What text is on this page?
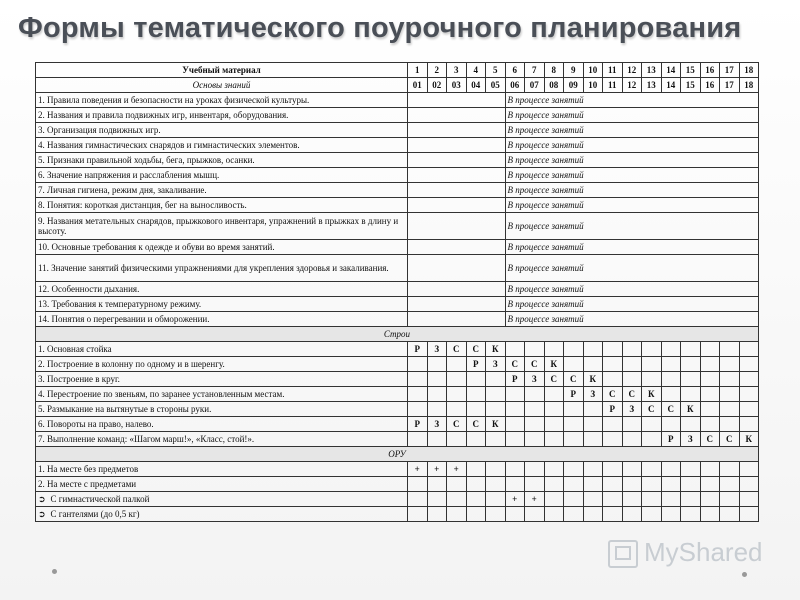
Формы тематического поурочного планирования
Учебный материал	1	2	3	4	5	6	7	8	9	10	11	12	13	14	15	16	17	18
Основы знаний	01	02	03	04	05	06	07	08	09	10	11	12	13	14	15	16	17	18
1. Правила поведения и безопасности на уроках физической культуры.						В процессе занятий												
2. Названия и правила подвижных игр, инвентаря, оборудования.						В процессе занятий												
3. Организация подвижных игр.						В процессе занятий												
4. Названия гимнастических снарядов и гимнастических элементов.						В процессе занятий												
5. Признаки правильной ходьбы, бега, прыжков, осанки.						В процессе занятий												
6. Значение напряжения и расслабления мышц.						В процессе занятий												
7. Личная гигиена, режим дня, закаливание.						В процессе занятий												
8. Понятия: короткая дистанция, бег на выносливость.						В процессе занятий												
9. Названия метательных снарядов, прыжкового инвентаря, упражнений в прыжках в длину и высоту.						В процессе занятий												
10. Основные требования к одежде и обуви во время занятий.						В процессе занятий												
11. Значение занятий физическими упражнениями для укрепления здоровья и закаливания.						В процессе занятий												
12. Особенности дыхания.						В процессе занятий												
13. Требования к температурному режиму.						В процессе занятий												
14. Понятия о перегревании и обморожении.						В процессе занятий												
Строи																		
1. Основная стойка	Р	З	С	С	К													
2. Построение в колонну по одному и в шеренгу.				Р	З	С	С	К										
3. Построение в круг.						Р	З	С	С	К								
4. Перестроение по звеньям, по заранее установленным местам.									Р	З	С	С	К					
5. Размыкание на вытянутые в стороны руки.											Р	З	С	С	К			
6. Повороты на право, налево.	Р	З	С	С	К													
7. Выполнение команд: «Шагом марш!», «Класс, стой!».														Р	З	С	С	К
ОРУ																		
1. На месте без предметов	+	+	+															
2. На месте с предметами																		
➲ С гимнастической палкой						+	+											
➲ С гантелями (до 0,5 кг)																		
MyShared
